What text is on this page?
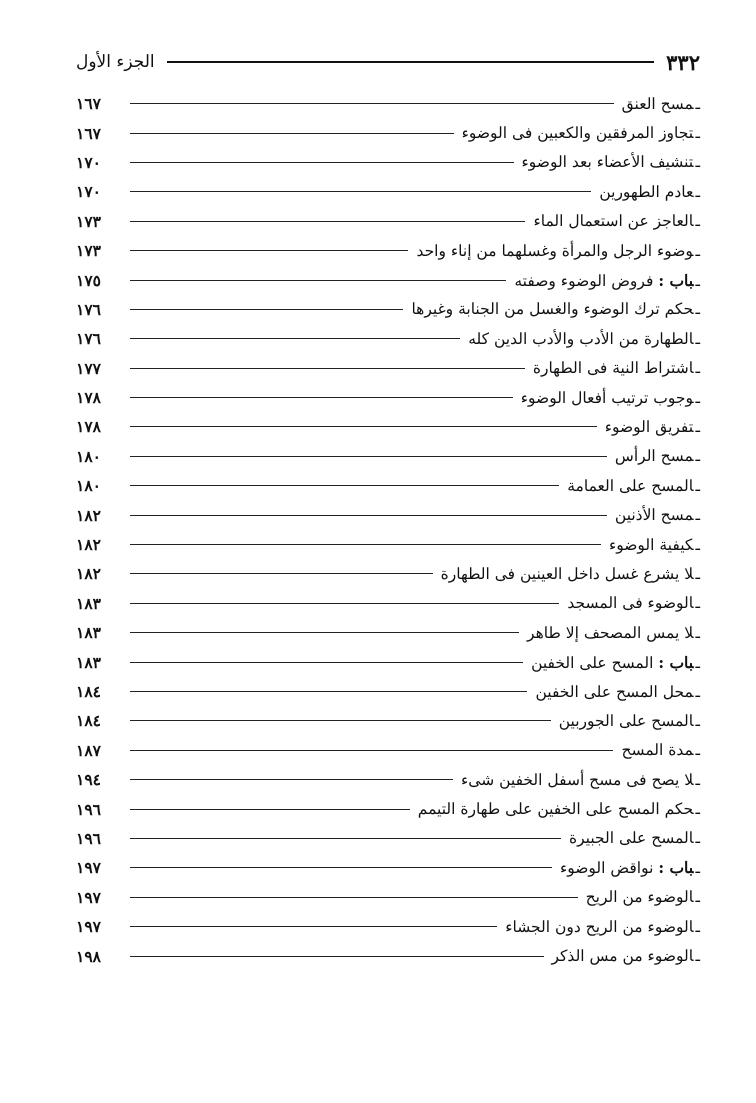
٣٣٢
الجزء الأول
ـمسح العنق
١٦٧
ـتجاوز المرفقين والكعبين فى الوضوء
١٦٧
ـتنشيف الأعضاء بعد الوضوء
١٧٠
ـعادم الطهورين
١٧٠
ـالعاجز عن استعمال الماء
١٧٣
ـوضوء الرجل والمرأة وغسلهما من إناء واحد
١٧٣
ـباب : فروض الوضوء وصفته
١٧٥
ـحكم ترك الوضوء والغسل من الجنابة وغيرها
١٧٦
ـالطهارة من الأدب والأدب الدين كله
١٧٦
ـاشتراط النية فى الطهارة
١٧٧
ـوجوب ترتيب أفعال الوضوء
١٧٨
ـتفريق الوضوء
١٧٨
ـمسح الرأس
١٨٠
ـالمسح على العمامة
١٨٠
ـمسح الأذنين
١٨٢
ـكيفية الوضوء
١٨٢
ـلا يشرع غسل داخل العينين فى الطهارة
١٨٢
ـالوضوء فى المسجد
١٨٣
ـلا يمس المصحف إلا طاهر
١٨٣
ـباب : المسح على الخفين
١٨٣
ـمحل المسح على الخفين
١٨٤
ـالمسح على الجوربين
١٨٤
ـمدة المسح
١٨٧
ـلا يصح فى مسح أسفل الخفين شىء
١٩٤
ـحكم المسح على الخفين على طهارة التيمم
١٩٦
ـالمسح على الجبيرة
١٩٦
ـباب : نواقض الوضوء
١٩٧
ـالوضوء من الريح
١٩٧
ـالوضوء من الريح دون الجشاء
١٩٧
ـالوضوء من مس الذكر
١٩٨
